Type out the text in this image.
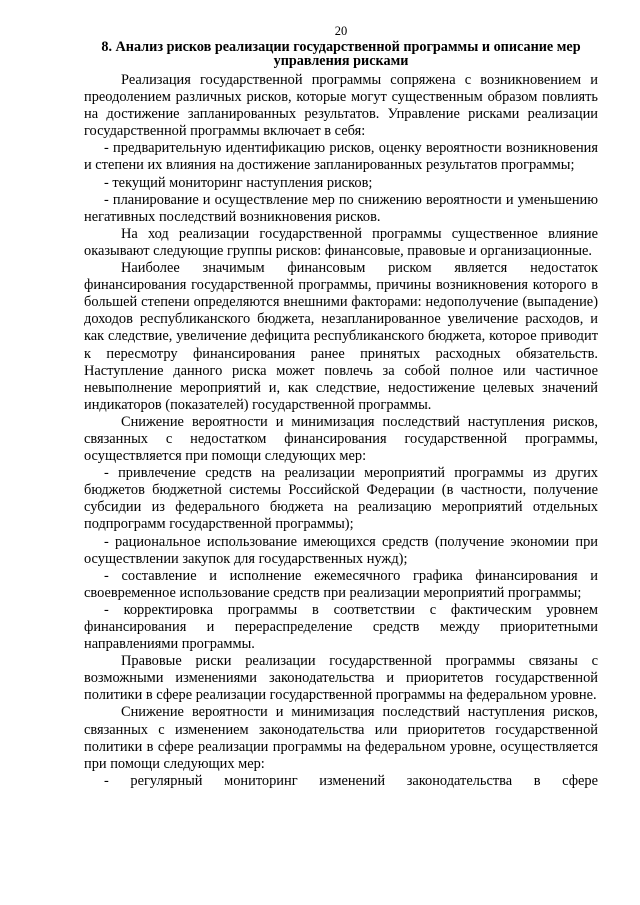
20
8. Анализ рисков реализации государственной программы и описание мер управления рисками

Реализация государственной программы сопряжена с возникновением и преодолением различных рисков, которые могут существенным образом повлиять на достижение запланированных результатов. Управление рисками реализации государственной программы включает в себя:

- предварительную идентификацию рисков, оценку вероятности возникновения и степени их влияния на достижение запланированных результатов программы;

- текущий мониторинг наступления рисков;

- планирование и осуществление мер по снижению вероятности и уменьшению негативных последствий возникновения рисков.

На ход реализации государственной программы существенное влияние оказывают следующие группы рисков: финансовые, правовые и организационные.

Наиболее значимым финансовым риском является недостаток финансирования государственной программы, причины возникновения которого в большей степени определяются внешними факторами: недополучение (выпадение) доходов республиканского бюджета, незапланированное увеличение расходов, и как следствие, увеличение дефицита республиканского бюджета, которое приводит к пересмотру финансирования ранее принятых расходных обязательств. Наступление данного риска может повлечь за собой полное или частичное невыполнение мероприятий и, как следствие, недостижение целевых значений индикаторов (показателей) государственной программы.

Снижение вероятности и минимизация последствий наступления рисков, связанных с недостатком финансирования государственной программы, осуществляется при помощи следующих мер:

- привлечение средств на реализации мероприятий программы из других бюджетов бюджетной системы Российской Федерации (в частности, получение субсидии из федерального бюджета на реализацию мероприятий отдельных подпрограмм государственной программы);

- рациональное использование имеющихся средств (получение экономии при осуществлении закупок для государственных нужд);

- составление и исполнение ежемесячного графика финансирования и своевременное использование средств при реализации мероприятий программы;

- корректировка программы в соответствии с фактическим уровнем финансирования и перераспределение средств между приоритетными направлениями программы.

Правовые риски реализации государственной программы связаны с возможными изменениями законодательства и приоритетов государственной политики в сфере реализации государственной программы на федеральном уровне.

Снижение вероятности и минимизация последствий наступления рисков, связанных с изменением законодательства или приоритетов государственной политики в сфере реализации программы на федеральном уровне, осуществляется при помощи следующих мер:

- регулярный мониторинг изменений законодательства в сфере
